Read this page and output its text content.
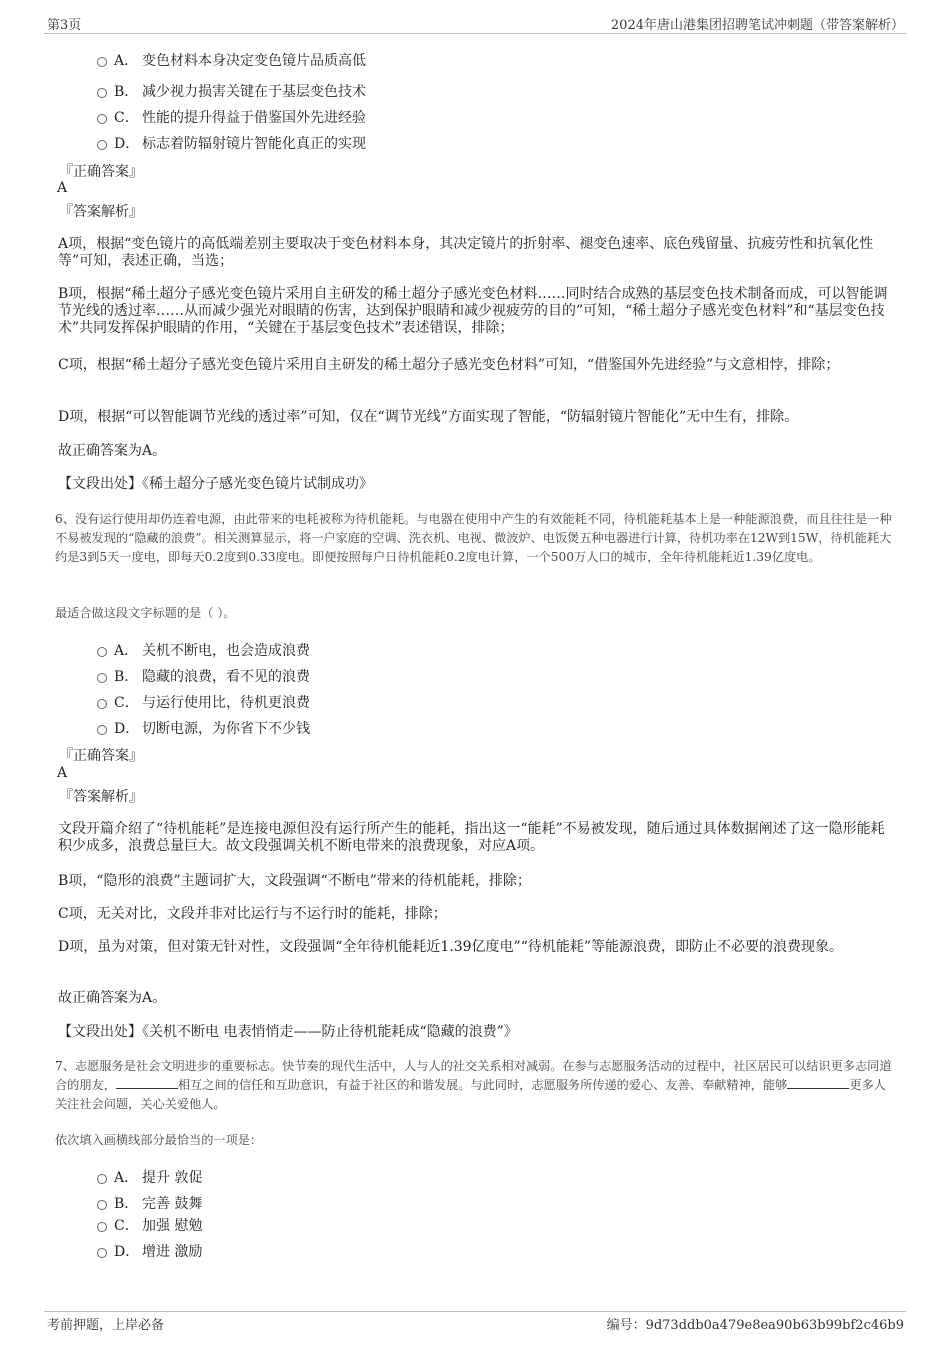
第3页	2024年唐山港集团招聘笔试冲刺题（带答案解析）
A． 变色材料本身决定变色镜片品质高低
B． 减少视力损害关键在于基层变色技术
C． 性能的提升得益于借鉴国外先进经验
D． 标志着防辐射镜片智能化真正的实现
『正确答案』
A
『答案解析』
A项，根据“变色镜片的高低端差别主要取决于变色材料本身，其决定镜片的折射率、褪变色速率、底色残留量、抗疲劳性和抗氧化性等”可知，表述正确，当选；
B项，根据“稀土超分子感光变色镜片采用自主研发的稀土超分子感光变色材料……同时结合成熟的基层变色技术制备而成，可以智能调节光线的透过率……从而减少强光对眼睛的伤害，达到保护眼睛和减少视疲劳的目的”可知，“稀土超分子感光变色材料”和“基层变色技术”共同发挥保护眼睛的作用，“关键在于基层变色技术”表述错误，排除；
C项，根据“稀土超分子感光变色镜片采用自主研发的稀土超分子感光变色材料”可知，“借鉴国外先进经验”与文意相悖，排除；
D项，根据“可以智能调节光线的透过率”可知，仅在“调节光线”方面实现了智能，“防辐射镜片智能化”无中生有，排除。
故正确答案为A。
【文段出处】《稀土超分子感光变色镜片试制成功》
6、没有运行使用却仍连着电源，由此带来的电耗被称为待机能耗。与电器在使用中产生的有效能耗不同，待机能耗基本上是一种能源浪费，而且往往是一种不易被发现的“隐藏的浪费”。相关测算显示，将一户家庭的空调、洗衣机、电视、微波炉、电饭煲五种电器进行计算，待机功率在12W到15W，待机能耗大约是3到5天一度电，即每天0.2度到0.33度电。即便按照每户日待机能耗0.2度电计算，一个500万人口的城市，全年待机能耗近1.39亿度电。
最适合做这段文字标题的是（ ）。
A． 关机不断电，也会造成浪费
B． 隐藏的浪费，看不见的浪费
C． 与运行使用比，待机更浪费
D． 切断电源，为你省下不少钱
『正确答案』
A
『答案解析』
文段开篇介绍了“待机能耗”是连接电源但没有运行所产生的能耗，指出这一“能耗”不易被发现，随后通过具体数据阐述了这一隐形能耗积少成多，浪费总量巨大。故文段强调关机不断电带来的浪费现象，对应A项。
B项，“隐形的浪费”主题词扩大，文段强调“不断电”带来的待机能耗，排除；
C项，无关对比，文段并非对比运行与不运行时的能耗，排除；
D项，虽为对策，但对策无针对性，文段强调“全年待机能耗近1.39亿度电”“待机能耗”等能源浪费，即防止不必要的浪费现象。
故正确答案为A。
【文段出处】《关机不断电 电表悄悄走——防止待机能耗成“隐藏的浪费”》
7、志愿服务是社会文明进步的重要标志。快节奏的现代生活中，人与人的社交关系相对减弱。在参与志愿服务活动的过程中，社区居民可以结识更多志同道合的朋友，	相互之间的信任和互助意识，有益于社区的和谐发展。与此同时，志愿服务所传递的爱心、友善、奉献精神，能够	更多人关注社会问题，关心关爱他人。
依次填入画横线部分最恰当的一项是：
A． 提升 敦促
B． 完善 鼓舞
C． 加强 慰勉
D． 增进 激励
考前押题，上岸必备	编号：9d73ddb0a479e8ea90b63b99bf2c46b9
